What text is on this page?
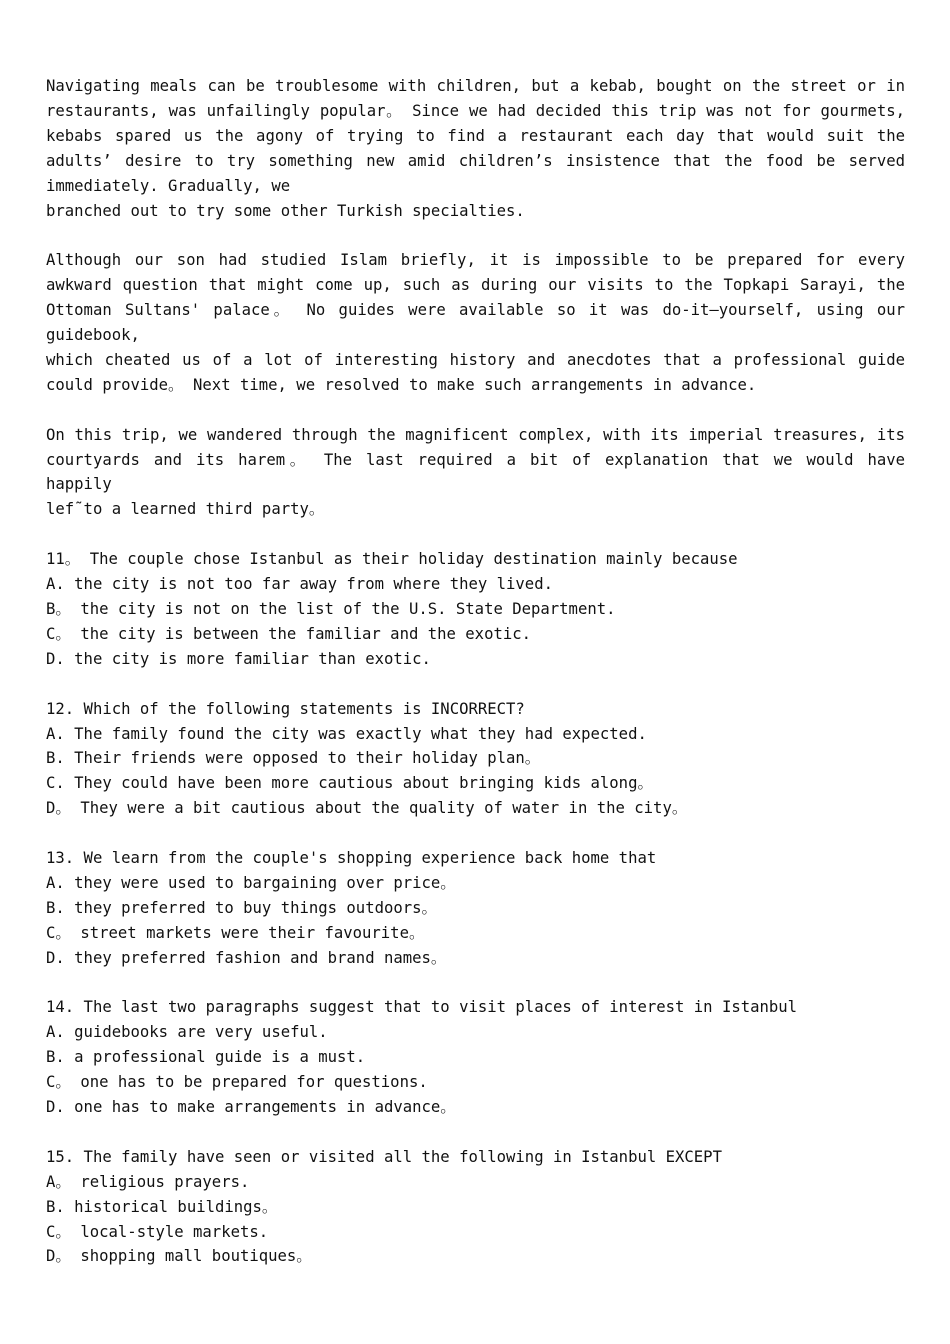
Navigating meals can be troublesome with children, but a kebab, bought on the street or in
restaurants, was unfailingly popular。 Since we had decided this trip was not for gourmets,
kebabs spared us the agony of trying to find a restaurant each day that would suit the
adults’ desire to try something new amid children’s insistence that the food be served
immediately. Gradually, we
branched out to try some other Turkish specialties.
Although our son had studied Islam briefly, it is impossible to be prepared for every
awkward question that might come up, such as during our visits to the Topkapi Sarayi, the
Ottoman Sultans' palace。 No guides were available so it was do-it—yourself, using our
guidebook,
which cheated us of a lot of interesting history and anecdotes that a professional guide
could provide。 Next time, we resolved to make such arrangements in advance.
On this trip, we wandered through the magnificent complex, with its imperial treasures, its
courtyards and its harem。 The last required a bit of explanation that we would have happily
lef˜to a learned third party。
11。 The couple chose Istanbul as their holiday destination mainly because
A. the city is not too far away from where they lived.
B。 the city is not on the list of the U.S. State Department.
C。 the city is between the familiar and the exotic.
D. the city is more familiar than exotic.
12. Which of the following statements is INCORRECT?
A. The family found the city was exactly what they had expected.
B. Their friends were opposed to their holiday plan。
C. They could have been more cautious about bringing kids along。
D。 They were a bit cautious about the quality of water in the city。
13. We learn from the couple's shopping experience back home that
A. they were used to bargaining over price。
B. they preferred to buy things outdoors。
C。 street markets were their favourite。
D. they preferred fashion and brand names。
14. The last two paragraphs suggest that to visit places of interest in Istanbul
A. guidebooks are very useful.
B. a professional guide is a must.
C。 one has to be prepared for questions.
D. one has to make arrangements in advance。
15. The family have seen or visited all the following in Istanbul EXCEPT
A。 religious prayers.
B. historical buildings。
C。 local-style markets.
D。 shopping mall boutiques。
